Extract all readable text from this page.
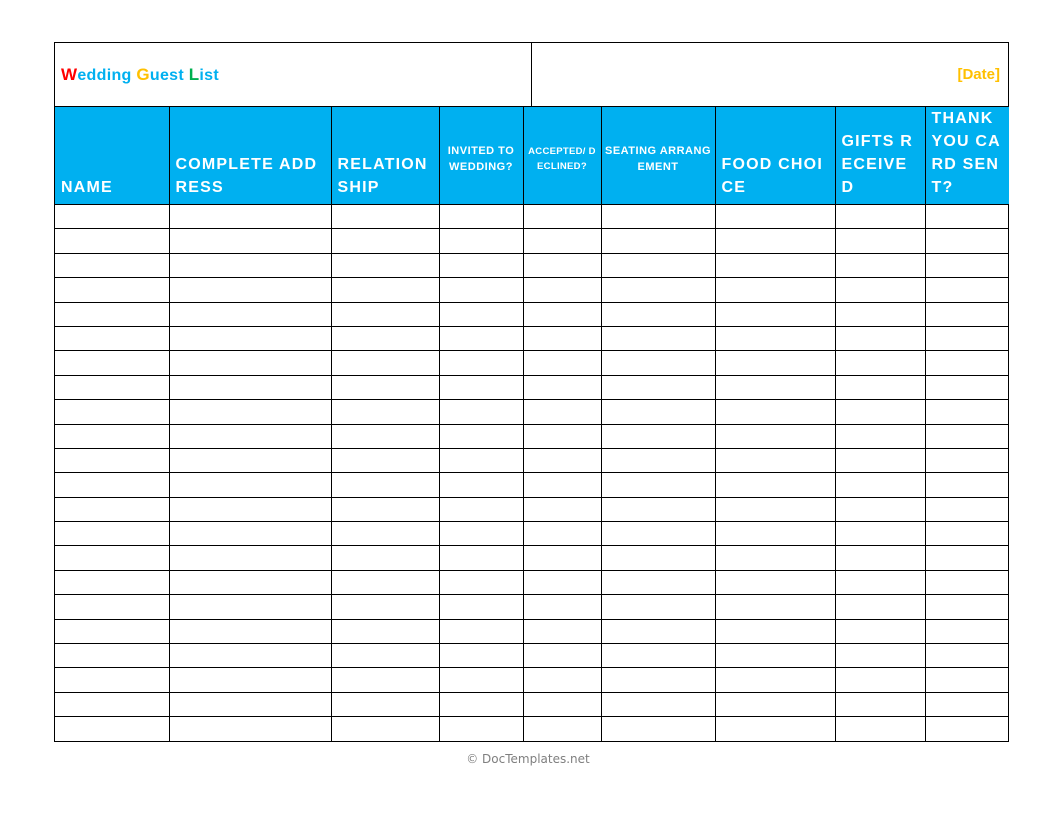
Wedding Guest List	[Date]
NAME	COMPLETE ADDRESS	RELATION SHIP	INVITED TO WEDDING?	ACCEPTED/ DECLINED?	SEATING ARRANGEMENT	FOOD CHOICE	GIFTS RECEIVED	THANK YOU CARD SENT?

© DocTemplates.net
